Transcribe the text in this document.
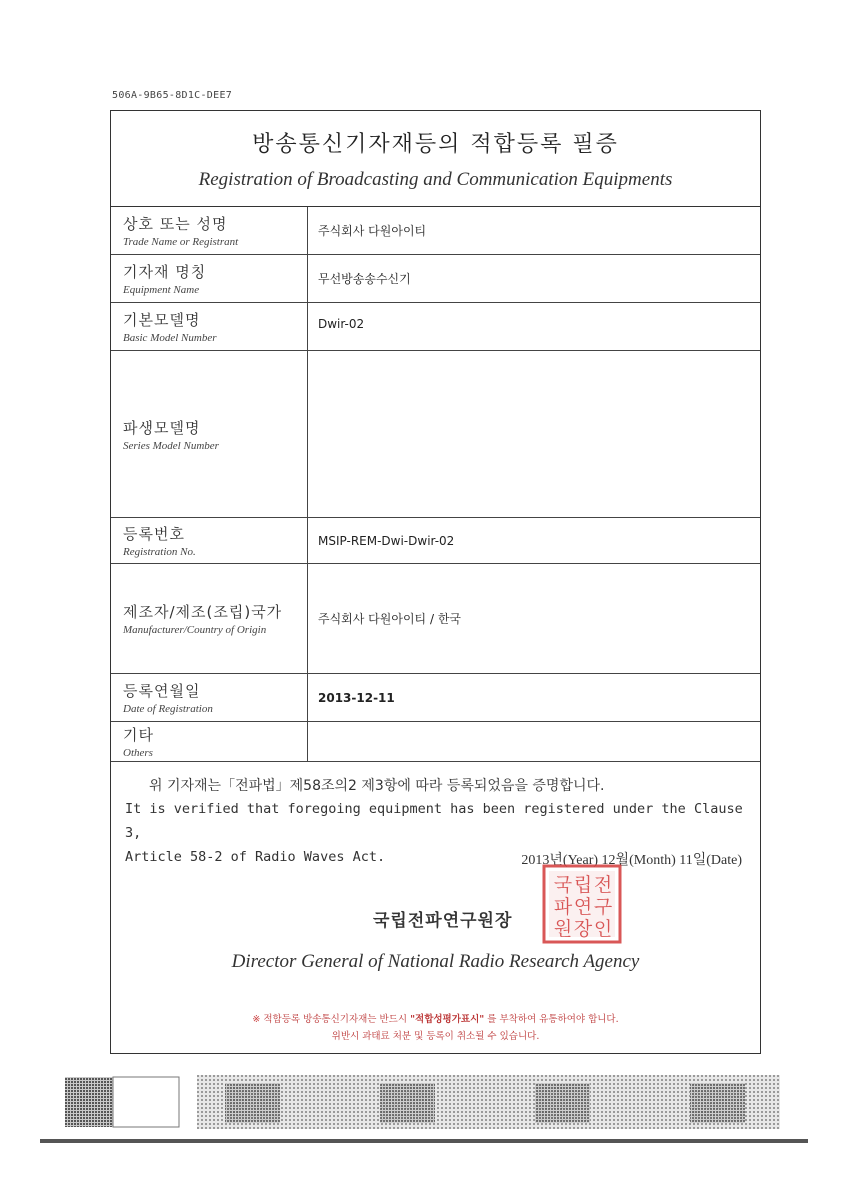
506A-9B65-8D1C-DEE7
방송통신기자재등의 적합등록 필증
Registration of Broadcasting and Communication Equipments
상호 또는 성명
Trade Name or Registrant
주식회사 다원아이티
기자재 명칭
Equipment Name
무선방송송수신기
기본모델명
Basic Model Number
Dwir-02
파생모델명
Series Model Number
등록번호
Registration No.
MSIP-REM-Dwi-Dwir-02
제조자/제조(조립)국가
Manufacturer/Country of Origin
주식회사 다원아이티 / 한국
등록연월일
Date of Registration
2013-12-11
기타
Others
위 기자재는「전파법」제58조의2 제3항에 따라 등록되었음을 증명합니다.
It is verified that foregoing equipment has been registered under the Clause 3,
Article 58-2 of Radio Waves Act.	2013년(Year) 12월(Month) 11일(Date)
국립전파연구원장
국 립 전
파 연 구
원 장 인
Director General of National Radio Research Agency
※ 적합등록 방송통신기자재는 반드시 "적합성평가표시" 를 부착하여 유통하여야 합니다.
위반시 과태료 처분 및 등록이 취소될 수 있습니다.
